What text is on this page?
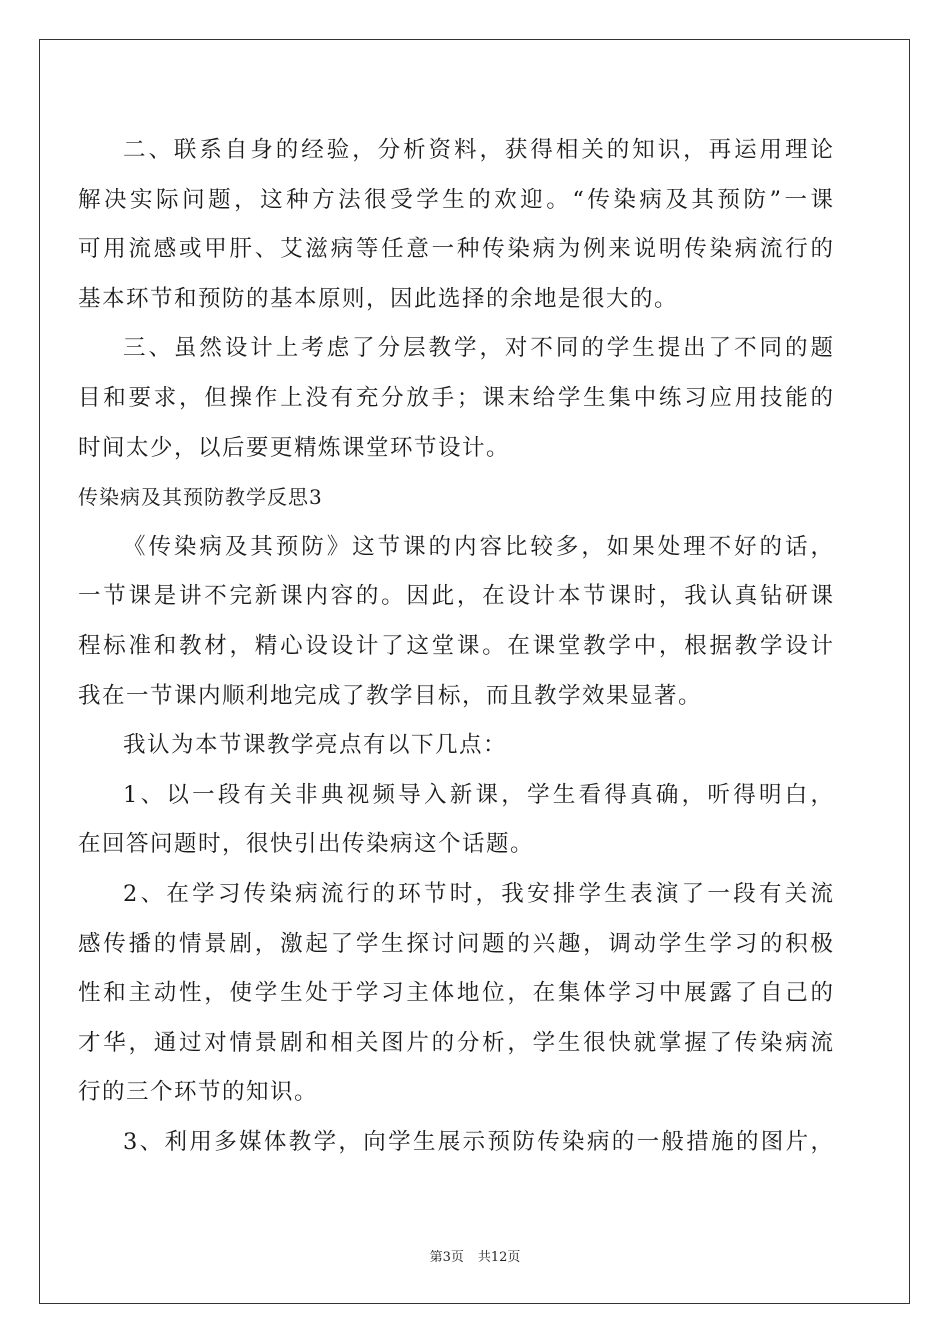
二、联系自身的经验，分析资料，获得相关的知识，再运用理论
解决实际问题，这种方法很受学生的欢迎。“传染病及其预防”一课
可用流感或甲肝、艾滋病等任意一种传染病为例来说明传染病流行的
基本环节和预防的基本原则，因此选择的余地是很大的。
三、虽然设计上考虑了分层教学，对不同的学生提出了不同的题
目和要求，但操作上没有充分放手；课末给学生集中练习应用技能的
时间太少，以后要更精炼课堂环节设计。
传染病及其预防教学反思3
《传染病及其预防》这节课的内容比较多，如果处理不好的话，
一节课是讲不完新课内容的。因此，在设计本节课时，我认真钻研课
程标准和教材，精心设设计了这堂课。在课堂教学中，根据教学设计
我在一节课内顺利地完成了教学目标，而且教学效果显著。
我认为本节课教学亮点有以下几点：
1、以一段有关非典视频导入新课，学生看得真确，听得明白，
在回答问题时，很快引出传染病这个话题。
2、在学习传染病流行的环节时，我安排学生表演了一段有关流
感传播的情景剧，激起了学生探讨问题的兴趣，调动学生学习的积极
性和主动性，使学生处于学习主体地位，在集体学习中展露了自己的
才华，通过对情景剧和相关图片的分析，学生很快就掌握了传染病流
行的三个环节的知识。
3、利用多媒体教学，向学生展示预防传染病的一般措施的图片，
第3页 共12页
